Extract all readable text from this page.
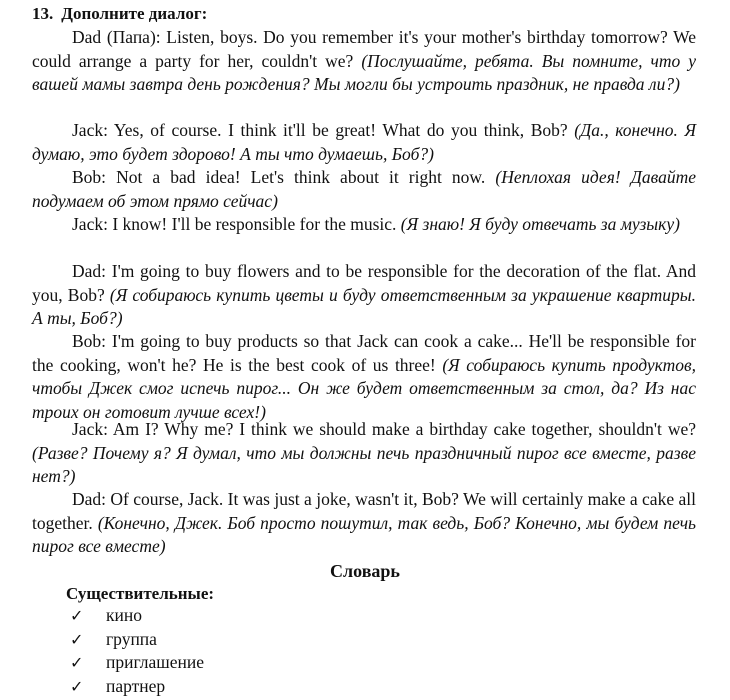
13. Дополните диалог:
Dad (Папа): Listen, boys. Do you remember it's your mother's birthday tomorrow? We could arrange a party for her, couldn't we? (Послушайте, ребята. Вы помните, что у вашей мамы завтра день рождения? Мы могли бы устроить праздник, не правда ли?)
Jack: Yes, of course. I think it'll be great! What do you think, Bob? (Да., конечно. Я думаю, это будет здорово! А ты что думаешь, Боб?)
Bob: Not a bad idea! Let's think about it right now. (Неплохая идея! Давайте подумаем об этом прямо сейчас)
Jack: I know! I'll be responsible for the music. (Я знаю! Я буду отвечать за музыку)
Dad: I'm going to buy flowers and to be responsible for the decoration of the flat. And you, Bob? (Я собираюсь купить цветы и буду ответственным за украшение квартиры. А ты, Боб?)
Bob: I'm going to buy products so that Jack can cook a cake... He'll be responsible for the cooking, won't he? He is the best cook of us three! (Я собираюсь купить продуктов, чтобы Джек смог испечь пирог... Он же будет ответственным за стол, да? Из нас троих он готовит лучше всех!)
Jack: Am I? Why me? I think we should make a birthday cake together, shouldn't we? (Разве? Почему я? Я думал, что мы должны печь праздничный пирог все вместе, разве нет?)
Dad: Of course, Jack. It was just a joke, wasn't it, Bob? We will certainly make a cake all together. (Конечно, Джек. Боб просто пошутил, так ведь, Боб? Конечно, мы будем печь пирог все вместе)
Словарь
Существительные:
✓ кино
✓ группа
✓ приглашение
✓ партнер
